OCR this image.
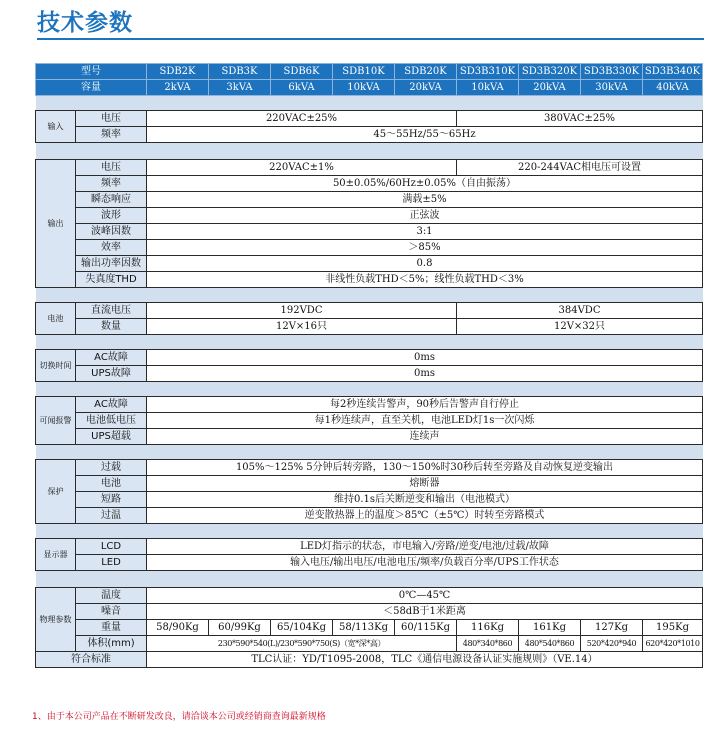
技术参数
型号		SDB2K	SDB3K	SDB6K	SDB10K	SDB20K	SD3B310K	SD3B320K	SD3B330K	SD3B340K
容量		2kVA	3kVA	6kVA	10kVA	20kVA	10kVA	20kVA	30kVA	40kVA

输入	电压	220VAC±25%					380VAC±25%			
	频率	45～55Hz/55～65Hz								

输出	电压	220VAC±1%					220-244VAC相电压可设置			
	频率	50±0.05%/60Hz±0.05%（自由振荡）								
	瞬态响应	满载±5%								
	波形	正弦波								
	波峰因数	3:1								
	效率	＞85%								
	输出功率因数	0.8								
	失真度THD	非线性负载THD＜5%；线性负载THD＜3%								

电池	直流电压	192VDC					384VDC			
	数量	12V×16只					12V×32只			

切换时间	AC故障	0ms								
	UPS故障	0ms								

可闻报警	AC故障	每2秒连续告警声，90秒后告警声自行停止								
	电池低电压	每1秒连续声，直至关机，电池LED灯1s一次闪烁								
	UPS超载	连续声								

保护	过载	105%～125% 5分钟后转旁路，130～150%时30秒后转至旁路及自动恢复逆变输出								
	电池	熔断器								
	短路	维持0.1s后关断逆变和输出（电池模式）								
	过温	逆变散热器上的温度＞85℃（±5℃）时转至旁路模式								

显示器	LCD	LED灯指示的状态，市电输入/旁路/逆变/电池/过载/故障								
	LED	输入电压/输出电压/电池电压/频率/负载百分率/UPS工作状态								

物理参数	温度	0℃—45℃								
	噪音	＜58dB于1米距离								
	重量	58/90Kg	60/99Kg	65/104Kg	58/113Kg	60/115Kg	116Kg	161Kg	127Kg	195Kg
	体积(mm)	230*590*540(L)/230*590*750(S)（宽*深*高）					480*340*860	480*540*860	520*420*940	620*420*1010
符合标准		TLC认证：YD/T1095-2008，TLC《通信电源设备认证实施规则》（VE.14）								
1、由于本公司产品在不断研发改良，请洽谈本公司或经销商查询最新规格
